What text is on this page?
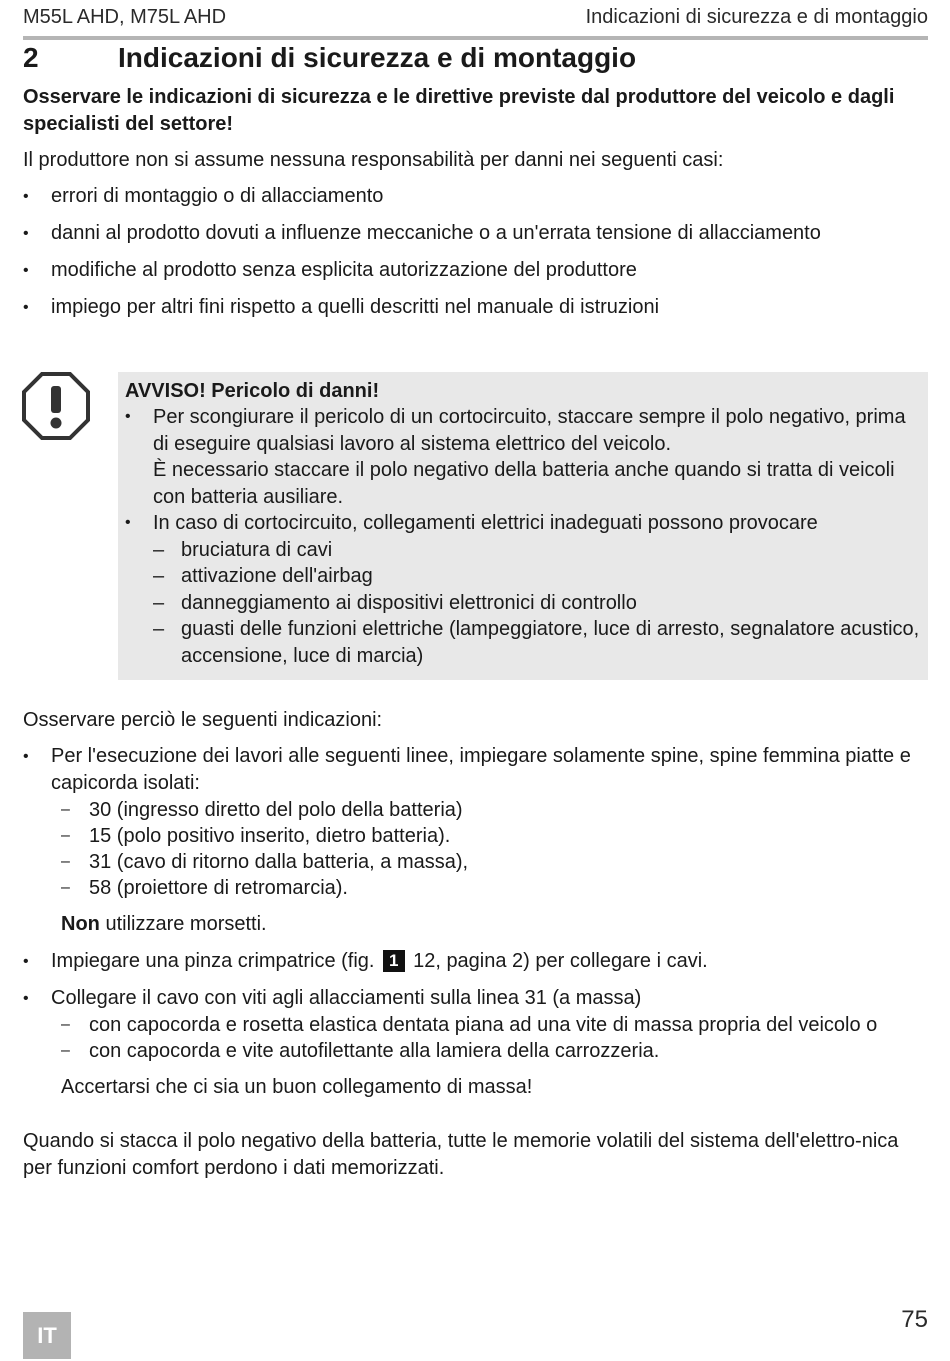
M55L AHD, M75L AHD	Indicazioni di sicurezza e di montaggio
2	Indicazioni di sicurezza e di montaggio
Osservare le indicazioni di sicurezza e le direttive previste dal produttore del veicolo e dagli specialisti del settore!
Il produttore non si assume nessuna responsabilità per danni nei seguenti casi:
• errori di montaggio o di allacciamento
• danni al prodotto dovuti a influenze meccaniche o a un'errata tensione di allacciamento
• modifiche al prodotto senza esplicita autorizzazione del produttore
• impiego per altri fini rispetto a quelli descritti nel manuale di istruzioni
AVVISO! Pericolo di danni!
• Per scongiurare il pericolo di un cortocircuito, staccare sempre il polo negativo, prima di eseguire qualsiasi lavoro al sistema elettrico del veicolo.
È necessario staccare il polo negativo della batteria anche quando si tratta di veicoli con batteria ausiliare.
• In caso di cortocircuito, collegamenti elettrici inadeguati possono provocare
– bruciatura di cavi
– attivazione dell'airbag
– danneggiamento ai dispositivi elettronici di controllo
– guasti delle funzioni elettriche (lampeggiatore, luce di arresto, segnalatore acustico, accensione, luce di marcia)
Osservare perciò le seguenti indicazioni:
• Per l'esecuzione dei lavori alle seguenti linee, impiegare solamente spine, spine femmina piatte e capicorda isolati:
– 30 (ingresso diretto del polo della batteria)
– 15 (polo positivo inserito, dietro batteria).
– 31 (cavo di ritorno dalla batteria, a massa),
– 58 (proiettore di retromarcia).
Non utilizzare morsetti.
• Impiegare una pinza crimpatrice (fig. 1 12, pagina 2) per collegare i cavi.
• Collegare il cavo con viti agli allacciamenti sulla linea 31 (a massa)
– con capocorda e rosetta elastica dentata piana ad una vite di massa propria del veicolo o
– con capocorda e vite autofilettante alla lamiera della carrozzeria.
Accertarsi che ci sia un buon collegamento di massa!
Quando si stacca il polo negativo della batteria, tutte le memorie volatili del sistema dell'elettro-nica per funzioni comfort perdono i dati memorizzati.
IT
75
